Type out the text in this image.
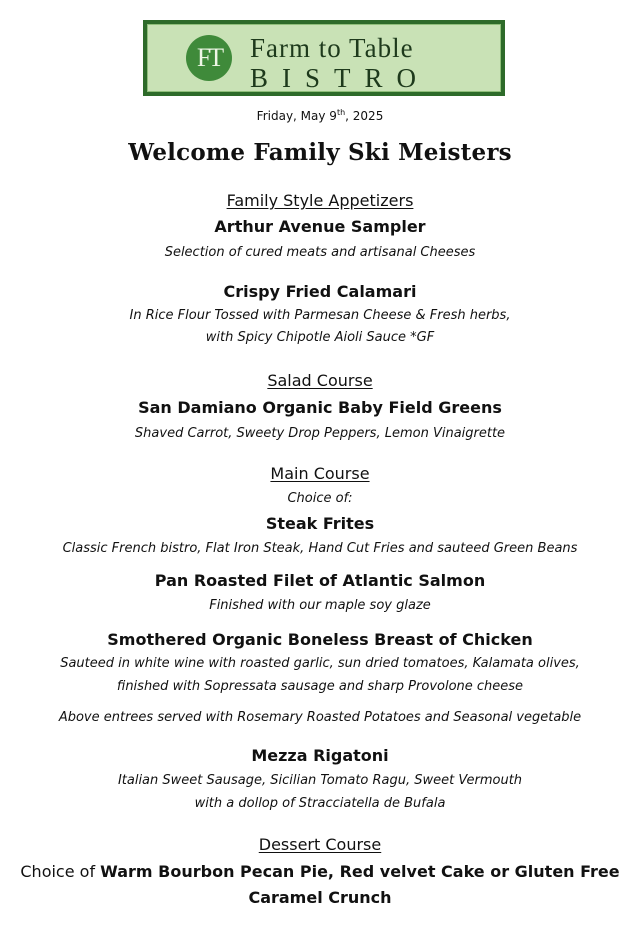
FT	Farm to Table
BISTRO
Friday, May 9th, 2025
Welcome Family Ski Meisters
Family Style Appetizers
Arthur Avenue Sampler
Selection of cured meats and artisanal Cheeses
Crispy Fried Calamari
In Rice Flour Tossed with Parmesan Cheese & Fresh herbs,
with Spicy Chipotle Aioli Sauce *GF
Salad Course
San Damiano Organic Baby Field Greens
Shaved Carrot, Sweety Drop Peppers, Lemon Vinaigrette
Main Course
Choice of:
Steak Frites
Classic French bistro, Flat Iron Steak, Hand Cut Fries and sauteed Green Beans
Pan Roasted Filet of Atlantic Salmon
Finished with our maple soy glaze
Smothered Organic Boneless Breast of Chicken
Sauteed in white wine with roasted garlic, sun dried tomatoes, Kalamata olives,
finished with Sopressata sausage and sharp Provolone cheese
Above entrees served with Rosemary Roasted Potatoes and Seasonal vegetable
Mezza Rigatoni
Italian Sweet Sausage, Sicilian Tomato Ragu, Sweet Vermouth
with a dollop of Stracciatella de Bufala
Dessert Course
Choice of Warm Bourbon Pecan Pie, Red velvet Cake or Gluten Free
Caramel Crunch
